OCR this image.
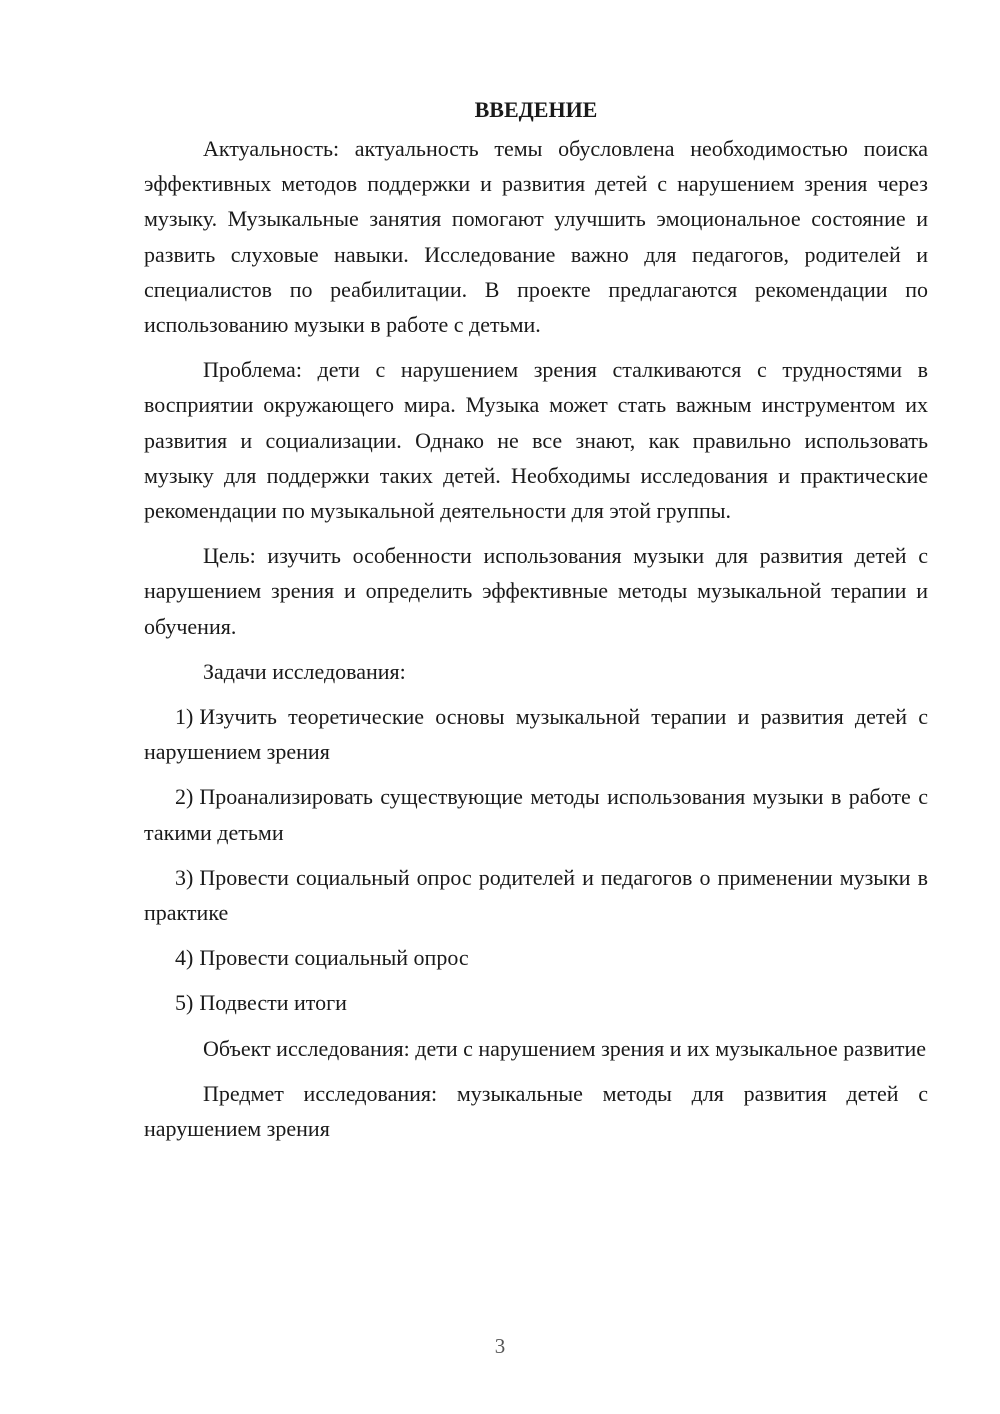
ВВЕДЕНИЕ

Актуальность: актуальность темы обусловлена необходимостью поиска эффективных методов поддержки и развития детей с нарушением зрения через музыку. Музыкальные занятия помогают улучшить эмоциональное состояние и развить слуховые навыки. Исследование важно для педагогов, родителей и специалистов по реабилитации. В проекте предлагаются рекомендации по использованию музыки в работе с детьми.

Проблема: дети с нарушением зрения сталкиваются с трудностями в восприятии окружающего мира. Музыка может стать важным инструментом их развития и социализации. Однако не все знают, как правильно использовать музыку для поддержки таких детей. Необходимы исследования и практические рекомендации по музыкальной деятельности для этой группы.

Цель: изучить особенности использования музыки для развития детей с нарушением зрения и определить эффективные методы музыкальной терапии и обучения.

Задачи исследования:

1) Изучить теоретические основы музыкальной терапии и развития детей с нарушением зрения

2) Проанализировать существующие методы использования музыки в работе с такими детьми

3) Провести социальный опрос родителей и педагогов о применении музыки в практике

4) Провести социальный опрос

5) Подвести итоги

Объект исследования: дети с нарушением зрения и их музыкальное развитие

Предмет исследования: музыкальные методы для развития детей с нарушением зрения

3
